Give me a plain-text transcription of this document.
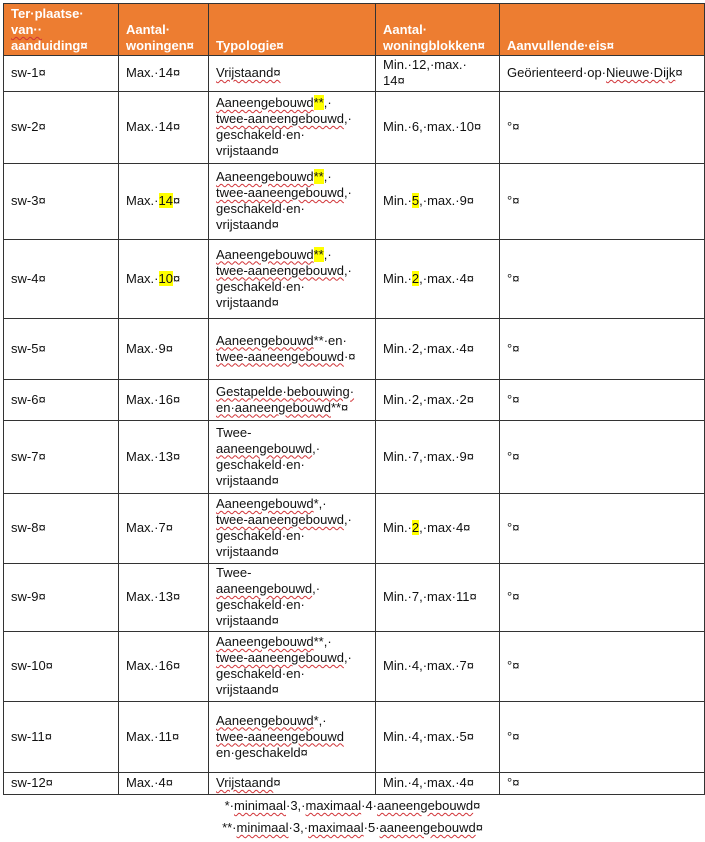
Ter·plaatse·
van··
aanduiding¤	Aantal·
woningen¤	Typologie¤	Aantal·
woningblokken¤	Aanvullende·eis¤

sw-1¤	Max.·14¤	Vrijstaand¤	Min.·12,·max.·
14¤	Geörienteerd·op·Nieuwe·Dijk¤

sw-2¤	Max.·14¤	Aaneengebouwd**,·
twee-aaneengebouwd,·
geschakeld·en·
vrijstaand¤	Min.·6,·max.·10¤	°¤

sw-3¤	Max.·14¤	Aaneengebouwd**,·
twee-aaneengebouwd,·
geschakeld·en·
vrijstaand¤	Min.·5,·max.·9¤	°¤

sw-4¤	Max.·10¤	Aaneengebouwd**,·
twee-aaneengebouwd,·
geschakeld·en·
vrijstaand¤	Min.·2,·max.·4¤	°¤

sw-5¤	Max.·9¤	Aaneengebouwd**·en·
twee-aaneengebouwd·¤	Min.·2,·max.·4¤	°¤

sw-6¤	Max.·16¤	Gestapelde·bebouwing·
en·aaneengebouwd**¤	Min.·2,·max.·2¤	°¤

sw-7¤	Max.·13¤	Twee-
aaneengebouwd,·
geschakeld·en·
vrijstaand¤	Min.·7,·max.·9¤	°¤

sw-8¤	Max.·7¤	Aaneengebouwd*,·
twee-aaneengebouwd,·
geschakeld·en·
vrijstaand¤	Min.·2,·max·4¤	°¤

sw-9¤	Max.·13¤	Twee-
aaneengebouwd,·
geschakeld·en·
vrijstaand¤	Min.·7,·max·11¤	°¤

sw-10¤	Max.·16¤	Aaneengebouwd**,·
twee-aaneengebouwd,·
geschakeld·en·
vrijstaand¤	Min.·4,·max.·7¤	°¤

sw-11¤	Max.·11¤	Aaneengebouwd*,·
twee-aaneengebouwd
en·geschakeld¤	Min.·4,·max.·5¤	°¤

sw-12¤	Max.·4¤	Vrijstaand¤	Min.·4,·max.·4¤	°¤
*·minimaal·3,·maximaal·4·aaneengebouwd¤
**·minimaal·3,·maximaal·5·aaneengebouwd¤
